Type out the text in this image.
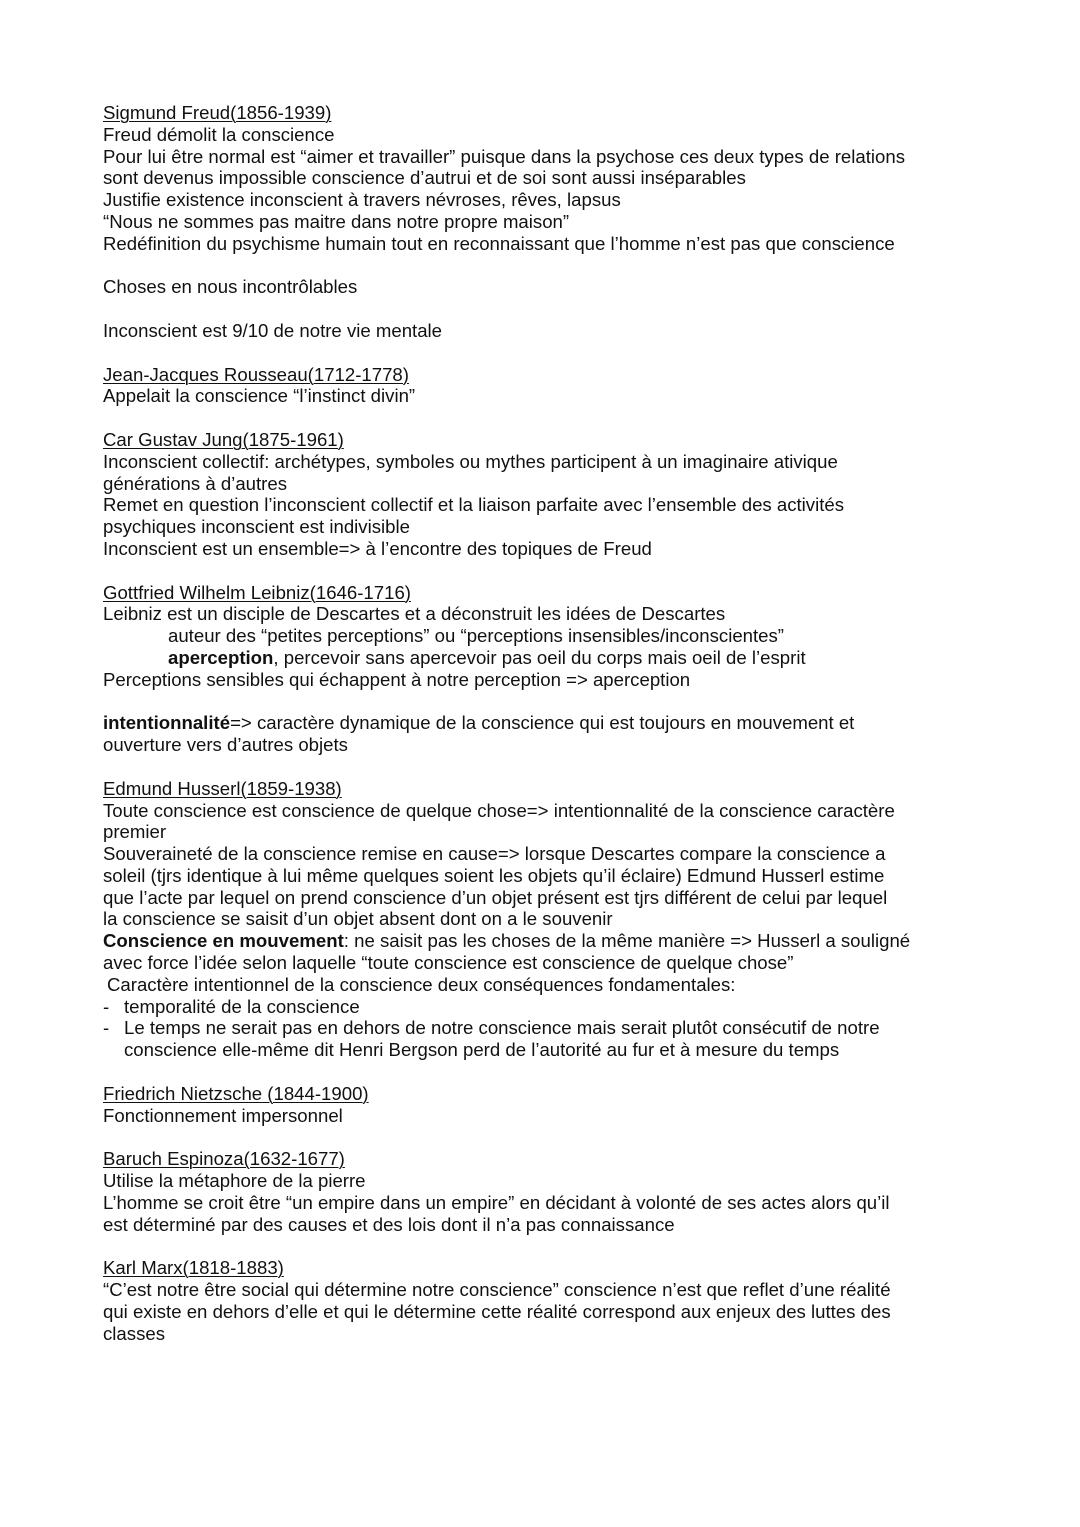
Sigmund Freud(1856-1939)
Freud démolit la conscience
Pour lui être normal est “aimer et travailler” puisque dans la psychose ces deux types de relations
sont devenus impossible conscience d’autrui et de soi sont aussi inséparables
Justifie existence inconscient à travers névroses, rêves, lapsus
“Nous ne sommes pas maitre dans notre propre maison”
Redéfinition du psychisme humain tout en reconnaissant que l’homme n’est pas que conscience
Choses en nous incontrôlables
Inconscient est 9/10 de notre vie mentale
Jean-Jacques Rousseau(1712-1778)
Appelait la conscience “l’instinct divin”
Car Gustav Jung(1875-1961)
Inconscient collectif: archétypes, symboles ou mythes participent à un imaginaire ativique
générations à d’autres
Remet en question l’inconscient collectif et la liaison parfaite avec l’ensemble des activités
psychiques inconscient est indivisible
Inconscient est un ensemble=> à l’encontre des topiques de Freud
Gottfried Wilhelm Leibniz(1646-1716)
Leibniz est un disciple de Descartes et a déconstruit les idées de Descartes
auteur des “petites perceptions” ou “perceptions insensibles/inconscientes”
aperception, percevoir sans apercevoir pas oeil du corps mais oeil de l’esprit
Perceptions sensibles qui échappent à notre perception => aperception
intentionnalité=> caractère dynamique de la conscience qui est toujours en mouvement et
ouverture vers d’autres objets
Edmund Husserl(1859-1938)
Toute conscience est conscience de quelque chose=> intentionnalité de la conscience caractère
premier
Souveraineté de la conscience remise en cause=> lorsque Descartes compare la conscience a
soleil (tjrs identique à lui même quelques soient les objets qu’il éclaire) Edmund Husserl estime
que l’acte par lequel on prend conscience d’un objet présent est tjrs différent de celui par lequel
la conscience se saisit d’un objet absent dont on a le souvenir
Conscience en mouvement: ne saisit pas les choses de la même manière => Husserl a souligné
avec force l’idée selon laquelle “toute conscience est conscience de quelque chose”
Caractère intentionnel de la conscience deux conséquences fondamentales:
- temporalité de la conscience
- Le temps ne serait pas en dehors de notre conscience mais serait plutôt consécutif de notre
conscience elle-même dit Henri Bergson perd de l’autorité au fur et à mesure du temps
Friedrich Nietzsche (1844-1900)
Fonctionnement impersonnel
Baruch Espinoza(1632-1677)
Utilise la métaphore de la pierre
L’homme se croit être “un empire dans un empire” en décidant à volonté de ses actes alors qu’il
est déterminé par des causes et des lois dont il n’a pas connaissance
Karl Marx(1818-1883)
“C’est notre être social qui détermine notre conscience” conscience n’est que reflet d’une réalité
qui existe en dehors d’elle et qui le détermine cette réalité correspond aux enjeux des luttes des
classes
